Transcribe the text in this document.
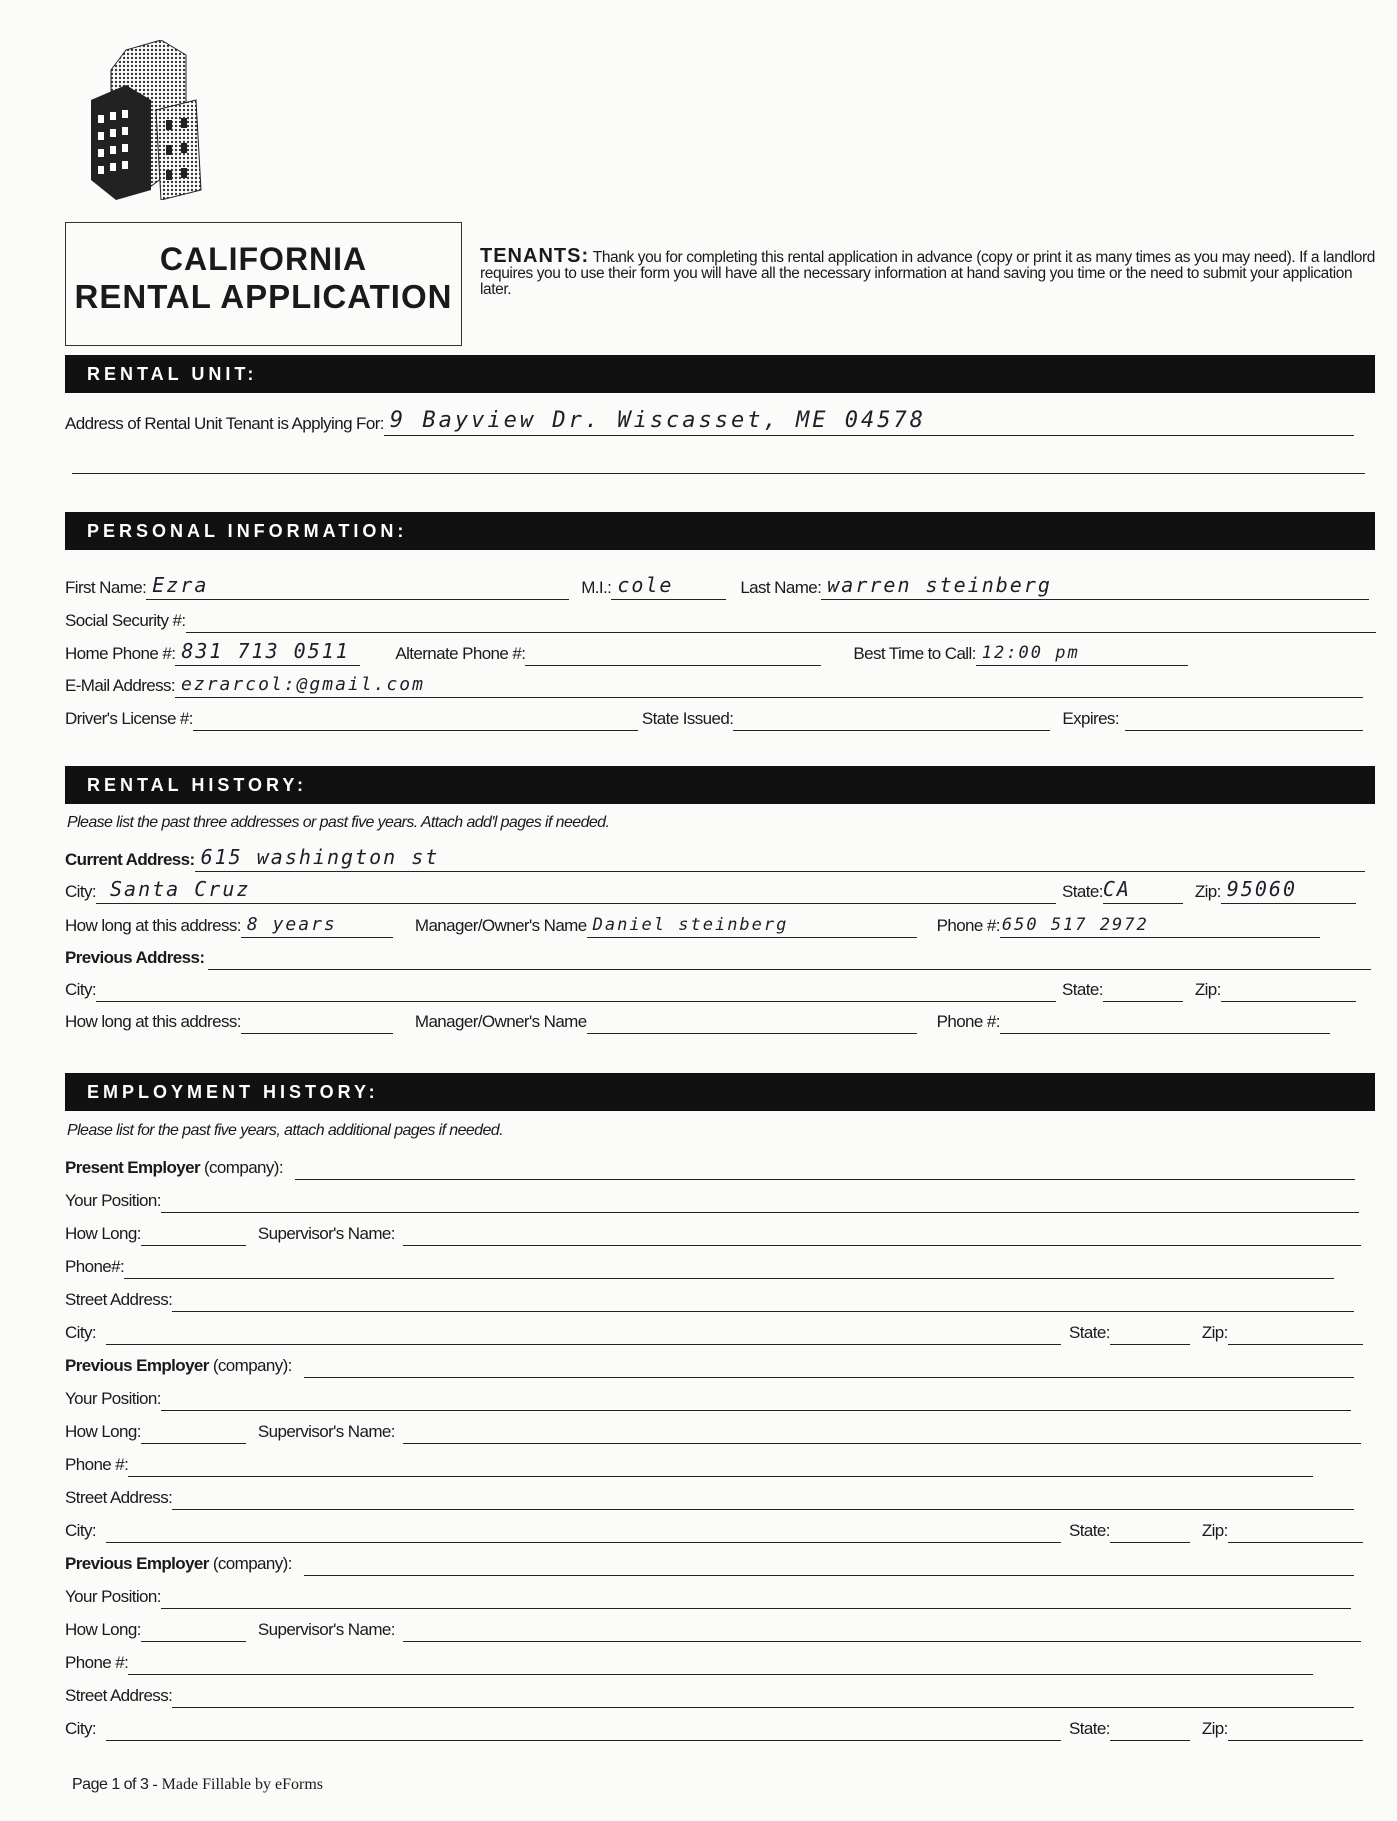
CALIFORNIA
RENTAL APPLICATION
TENANTS: Thank you for completing this rental application in advance (copy or print it as many times as you may need). If a landlord requires you to use their form you will have all the necessary information at hand saving you time or the need to submit your application later.
RENTAL UNIT:
Address of Rental Unit Tenant is Applying For: 9 Bayview Dr. Wiscasset, ME 04578
PERSONAL INFORMATION:
First Name: Ezra	M.I.: cole	Last Name: warren steinberg
Social Security #:
Home Phone #: 831 713 0511	Alternate Phone #:	Best Time to Call: 12:00 pm
E-Mail Address: ezrarcol:@gmail.com
Driver's License #:	State Issued:	Expires:
RENTAL HISTORY:
Please list the past three addresses or past five years. Attach add'l pages if needed.
Current Address: 615 washington st
City: Santa Cruz	State: CA	Zip: 95060
How long at this address: 8 years	Manager/Owner's Name Daniel steinberg	Phone #: 650 517 2972
Previous Address:
City:	State:	Zip:
How long at this address:	Manager/Owner's Name	Phone #:
EMPLOYMENT HISTORY:
Please list for the past five years, attach additional pages if needed.
Present Employer (company):
Your Position:
How Long:	Supervisor's Name:
Phone#:
Street Address:
City:	State:	Zip:
Previous Employer (company):
Your Position:
How Long:	Supervisor's Name:
Phone #:
Street Address:
City:	State:	Zip:
Previous Employer (company):
Your Position:
How Long:	Supervisor's Name:
Phone #:
Street Address:
City:	State:	Zip:
Page 1 of 3 - Made Fillable by eForms
